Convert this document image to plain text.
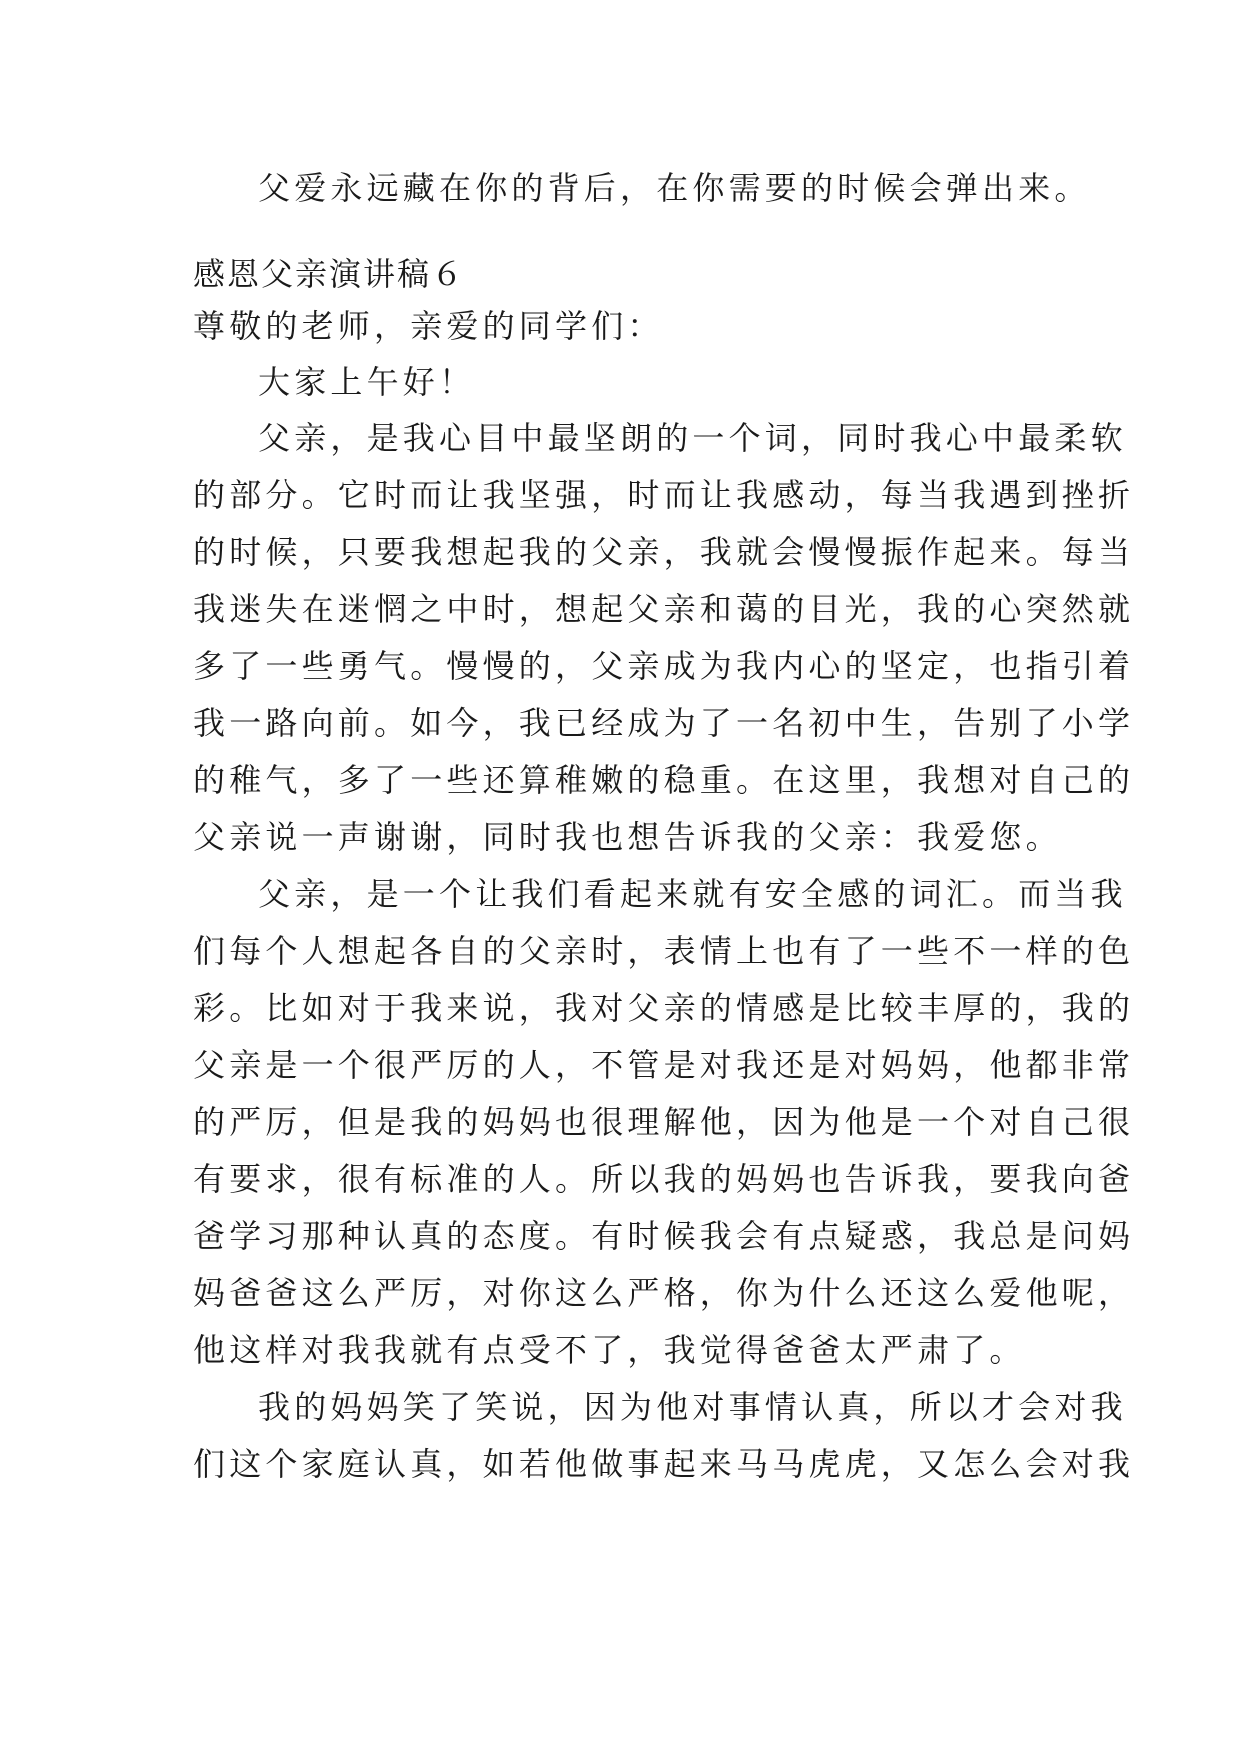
父爱永远藏在你的背后，在你需要的时候会弹出来。
感恩父亲演讲稿６
尊敬的老师，亲爱的同学们：
大家上午好！
父亲，是我心目中最坚朗的一个词，同时我心中最柔软
的部分。它时而让我坚强，时而让我感动，每当我遇到挫折
的时候，只要我想起我的父亲，我就会慢慢振作起来。每当
我迷失在迷惘之中时，想起父亲和蔼的目光，我的心突然就
多了一些勇气。慢慢的，父亲成为我内心的坚定，也指引着
我一路向前。如今，我已经成为了一名初中生，告别了小学
的稚气，多了一些还算稚嫩的稳重。在这里，我想对自己的
父亲说一声谢谢，同时我也想告诉我的父亲：我爱您。
父亲，是一个让我们看起来就有安全感的词汇。而当我
们每个人想起各自的父亲时，表情上也有了一些不一样的色
彩。比如对于我来说，我对父亲的情感是比较丰厚的，我的
父亲是一个很严厉的人，不管是对我还是对妈妈，他都非常
的严厉，但是我的妈妈也很理解他，因为他是一个对自己很
有要求，很有标准的人。所以我的妈妈也告诉我，要我向爸
爸学习那种认真的态度。有时候我会有点疑惑，我总是问妈
妈爸爸这么严厉，对你这么严格，你为什么还这么爱他呢，
他这样对我我就有点受不了，我觉得爸爸太严肃了。
我的妈妈笑了笑说，因为他对事情认真，所以才会对我
们这个家庭认真，如若他做事起来马马虎虎，又怎么会对我
